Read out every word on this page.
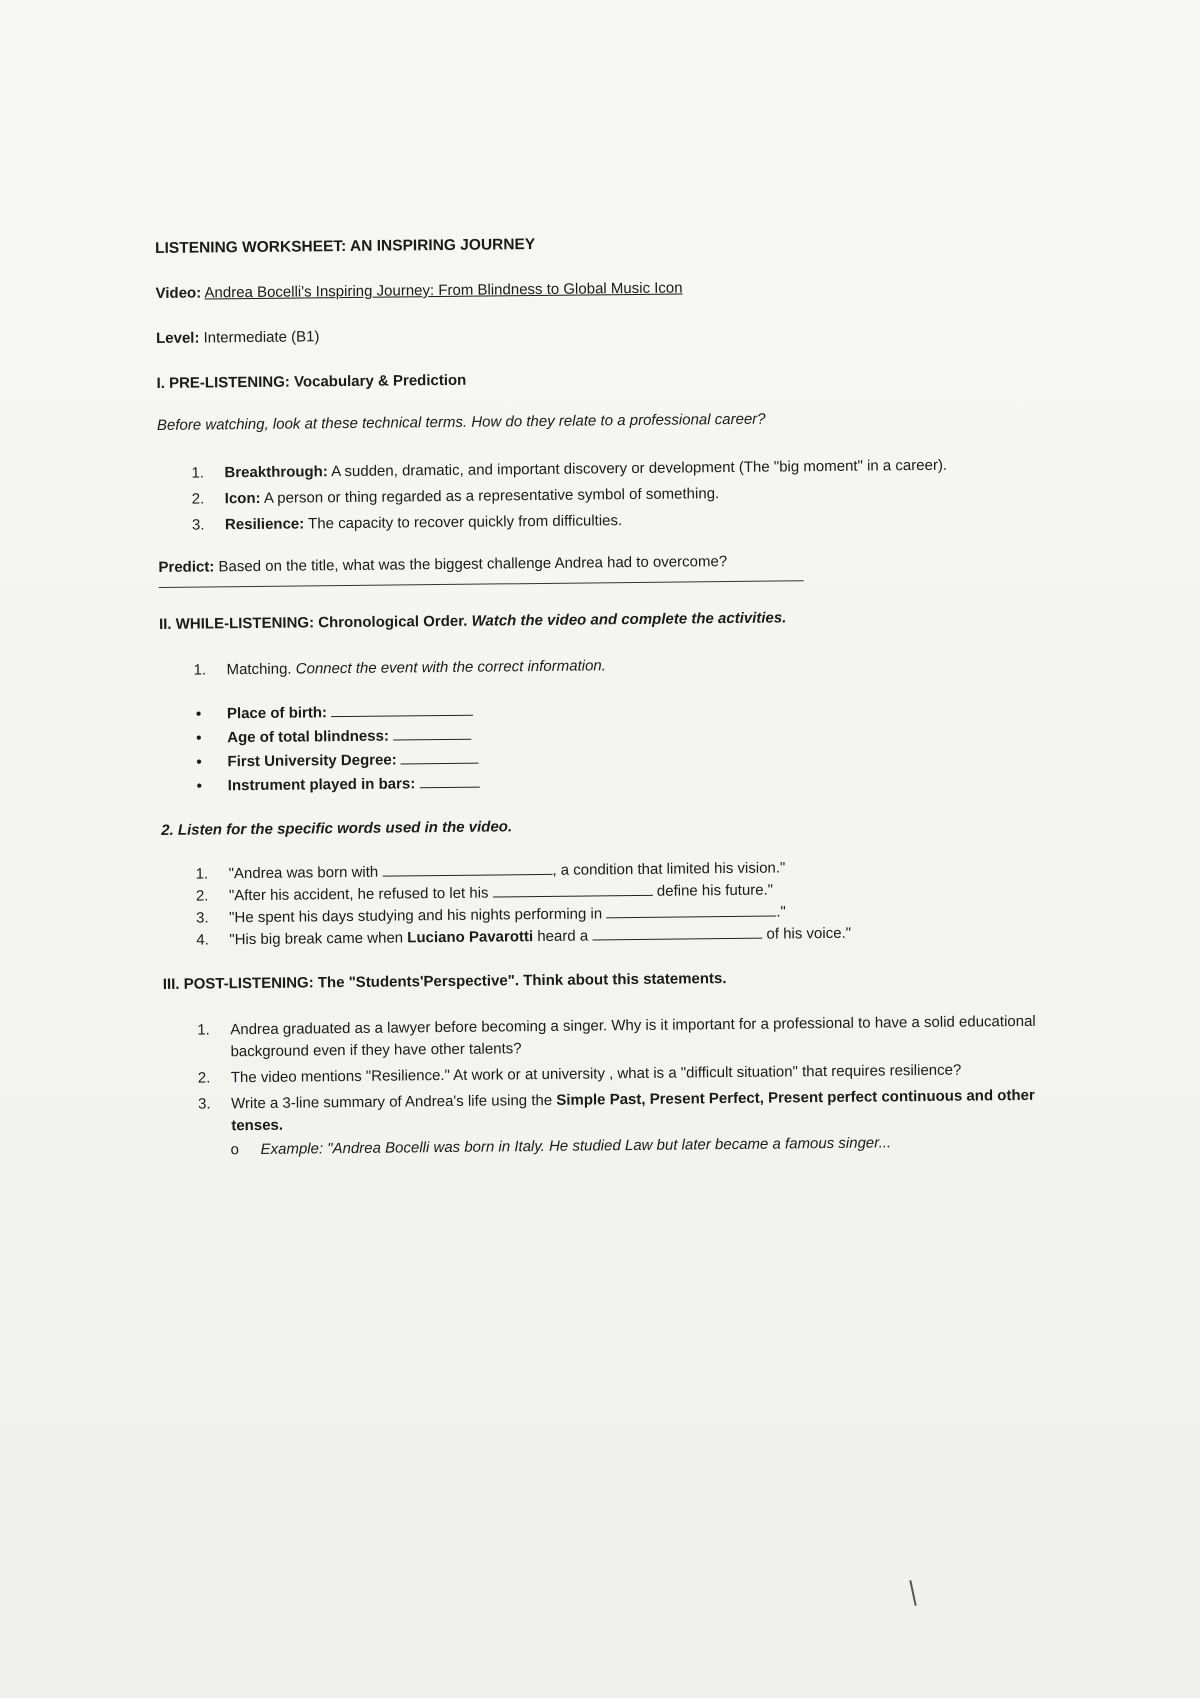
LISTENING WORKSHEET: AN INSPIRING JOURNEY
Video: Andrea Bocelli's Inspiring Journey: From Blindness to Global Music Icon
Level: Intermediate (B1)
I. PRE-LISTENING: Vocabulary & Prediction
Before watching, look at these technical terms. How do they relate to a professional career?
1. Breakthrough: A sudden, dramatic, and important discovery or development (The "big moment" in a career).
2. Icon: A person or thing regarded as a representative symbol of something.
3. Resilience: The capacity to recover quickly from difficulties.
Predict: Based on the title, what was the biggest challenge Andrea had to overcome?
II. WHILE-LISTENING: Chronological Order. Watch the video and complete the activities.
1. Matching. Connect the event with the correct information.
• Place of birth:
• Age of total blindness:
• First University Degree:
• Instrument played in bars:
2. Listen for the specific words used in the video.
1. "Andrea was born with	, a condition that limited his vision."
2. "After his accident, he refused to let his	define his future."
3. "He spent his days studying and his nights performing in	."
4. "His big break came when Luciano Pavarotti heard a	of his voice."
III. POST-LISTENING: The "Students'Perspective". Think about this statements.
1. Andrea graduated as a lawyer before becoming a singer. Why is it important for a professional to have a solid educational background even if they have other talents?
2. The video mentions "Resilience." At work or at university , what is a "difficult situation" that requires resilience?
3. Write a 3-line summary of Andrea's life using the Simple Past, Present Perfect, Present perfect continuous and other tenses.
o Example: "Andrea Bocelli was born in Italy. He studied Law but later became a famous singer...
